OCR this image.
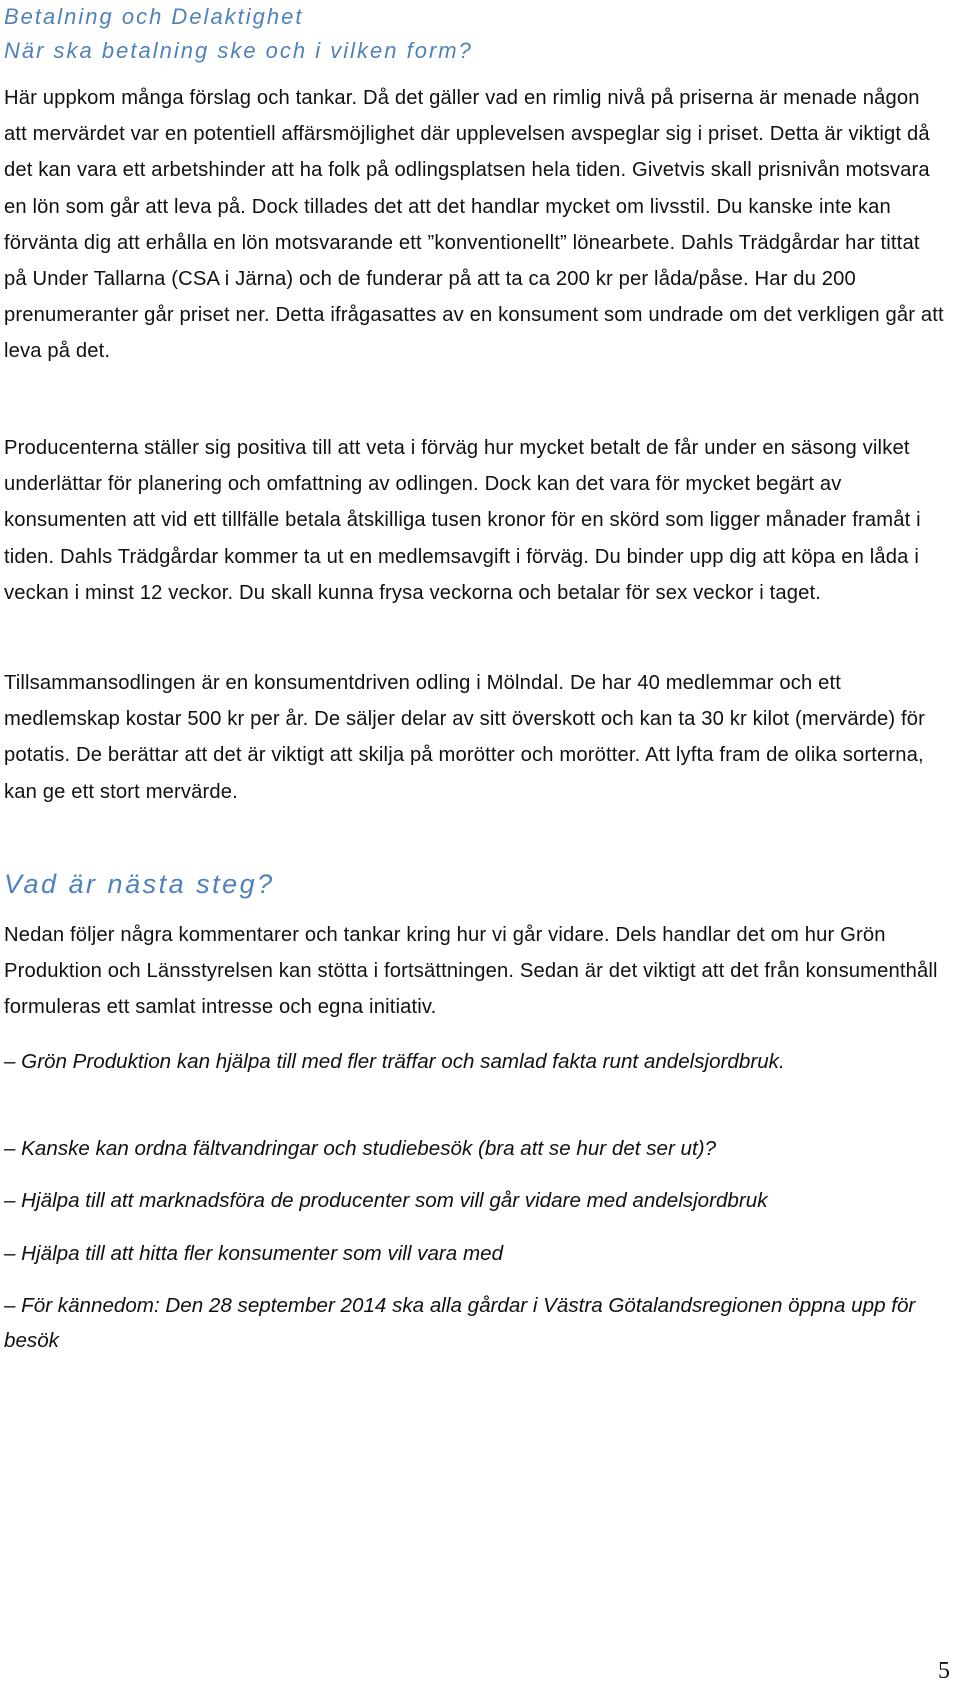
Betalning och Delaktighet
När ska betalning ske och i vilken form?

Här uppkom många förslag och tankar. Då det gäller vad en rimlig nivå på priserna är menade någon att mervärdet var en potentiell affärsmöjlighet där upplevelsen avspeglar sig i priset. Detta är viktigt då det kan vara ett arbetshinder att ha folk på odlingsplatsen hela tiden. Givetvis skall prisnivån motsvara en lön som går att leva på. Dock tillades det att det handlar mycket om livsstil. Du kanske inte kan förvänta dig att erhålla en lön motsvarande ett ”konventionellt” lönearbete. Dahls Trädgårdar har tittat på Under Tallarna (CSA i Järna) och de funderar på att ta ca 200 kr per låda/påse. Har du 200 prenumeranter går priset ner. Detta ifrågasattes av en konsument som undrade om det verkligen går att leva på det.

Producenterna ställer sig positiva till att veta i förväg hur mycket betalt de får under en säsong vilket underlättar för planering och omfattning av odlingen. Dock kan det vara för mycket begärt av konsumenten att vid ett tillfälle betala åtskilliga tusen kronor för en skörd som ligger månader framåt i tiden. Dahls Trädgårdar kommer ta ut en medlemsavgift i förväg. Du binder upp dig att köpa en låda i veckan i minst 12 veckor. Du skall kunna frysa veckorna och betalar för sex veckor i taget.

Tillsammansodlingen är en konsumentdriven odling i Mölndal. De har 40 medlemmar och ett medlemskap kostar 500 kr per år. De säljer delar av sitt överskott och kan ta 30 kr kilot (mervärde) för potatis. De berättar att det är viktigt att skilja på morötter och morötter. Att lyfta fram de olika sorterna, kan ge ett stort mervärde.

Vad är nästa steg?

Nedan följer några kommentarer och tankar kring hur vi går vidare. Dels handlar det om hur Grön Produktion och Länsstyrelsen kan stötta i fortsättningen. Sedan är det viktigt att det från konsumenthåll formuleras ett samlat intresse och egna initiativ.

– Grön Produktion kan hjälpa till med fler träffar och samlad fakta runt andelsjordbruk.

– Kanske kan ordna fältvandringar och studiebesök (bra att se hur det ser ut)?

– Hjälpa till att marknadsföra de producenter som vill går vidare med andelsjordbruk

– Hjälpa till att hitta fler konsumenter som vill vara med

– För kännedom: Den 28 september 2014 ska alla gårdar i Västra Götalandsregionen öppna upp för besök

5
